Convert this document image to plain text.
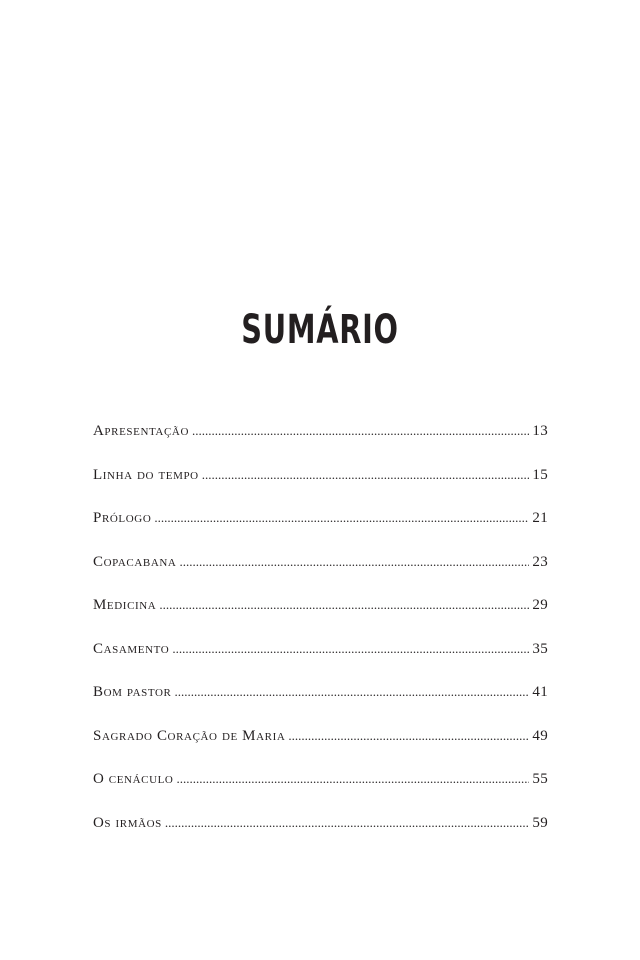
SUMÁRIO
Apresentação .....	13
Linha do tempo .....	15
Prólogo .....	21
Copacabana .....	23
Medicina .....	29
Casamento .....	35
Bom pastor .....	41
Sagrado Coração de Maria .....	49
O cenáculo .....	55
Os irmãos .....	59
